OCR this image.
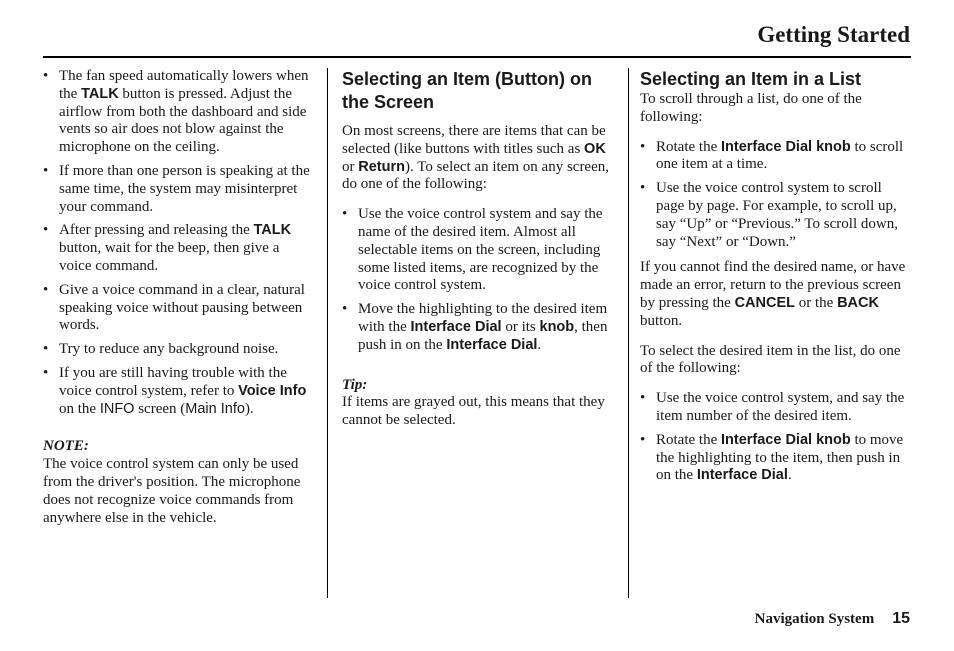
Getting Started
• The fan speed automatically lowers when the TALK button is pressed. Adjust the airflow from both the dashboard and side vents so air does not blow against the microphone on the ceiling.
• If more than one person is speaking at the same time, the system may misinterpret your command.
• After pressing and releasing the TALK button, wait for the beep, then give a voice command.
• Give a voice command in a clear, natural speaking voice without pausing between words.
• Try to reduce any background noise.
• If you are still having trouble with the voice control system, refer to Voice Info on the INFO screen (Main Info).
NOTE:
The voice control system can only be used from the driver's position. The microphone does not recognize voice commands from anywhere else in the vehicle.
Selecting an Item (Button) on the Screen

On most screens, there are items that can be selected (like buttons with titles such as OK or Return). To select an item on any screen, do one of the following:

• Use the voice control system and say the name of the desired item. Almost all selectable items on the screen, including some listed items, are recognized by the voice control system.
• Move the highlighting to the desired item with the Interface Dial or its knob, then push in on the Interface Dial.
Tip:
If items are grayed out, this means that they cannot be selected.
Selecting an Item in a List

To scroll through a list, do one of the following:

• Rotate the Interface Dial knob to scroll one item at a time.
• Use the voice control system to scroll page by page. For example, to scroll up, say “Up” or “Previous.” To scroll down, say “Next” or “Down.”

If you cannot find the desired name, or have made an error, return to the previous screen by pressing the CANCEL or the BACK button.

To select the desired item in the list, do one of the following:

• Use the voice control system, and say the item number of the desired item.
• Rotate the Interface Dial knob to move the highlighting to the item, then push in on the Interface Dial.
Navigation System 15
